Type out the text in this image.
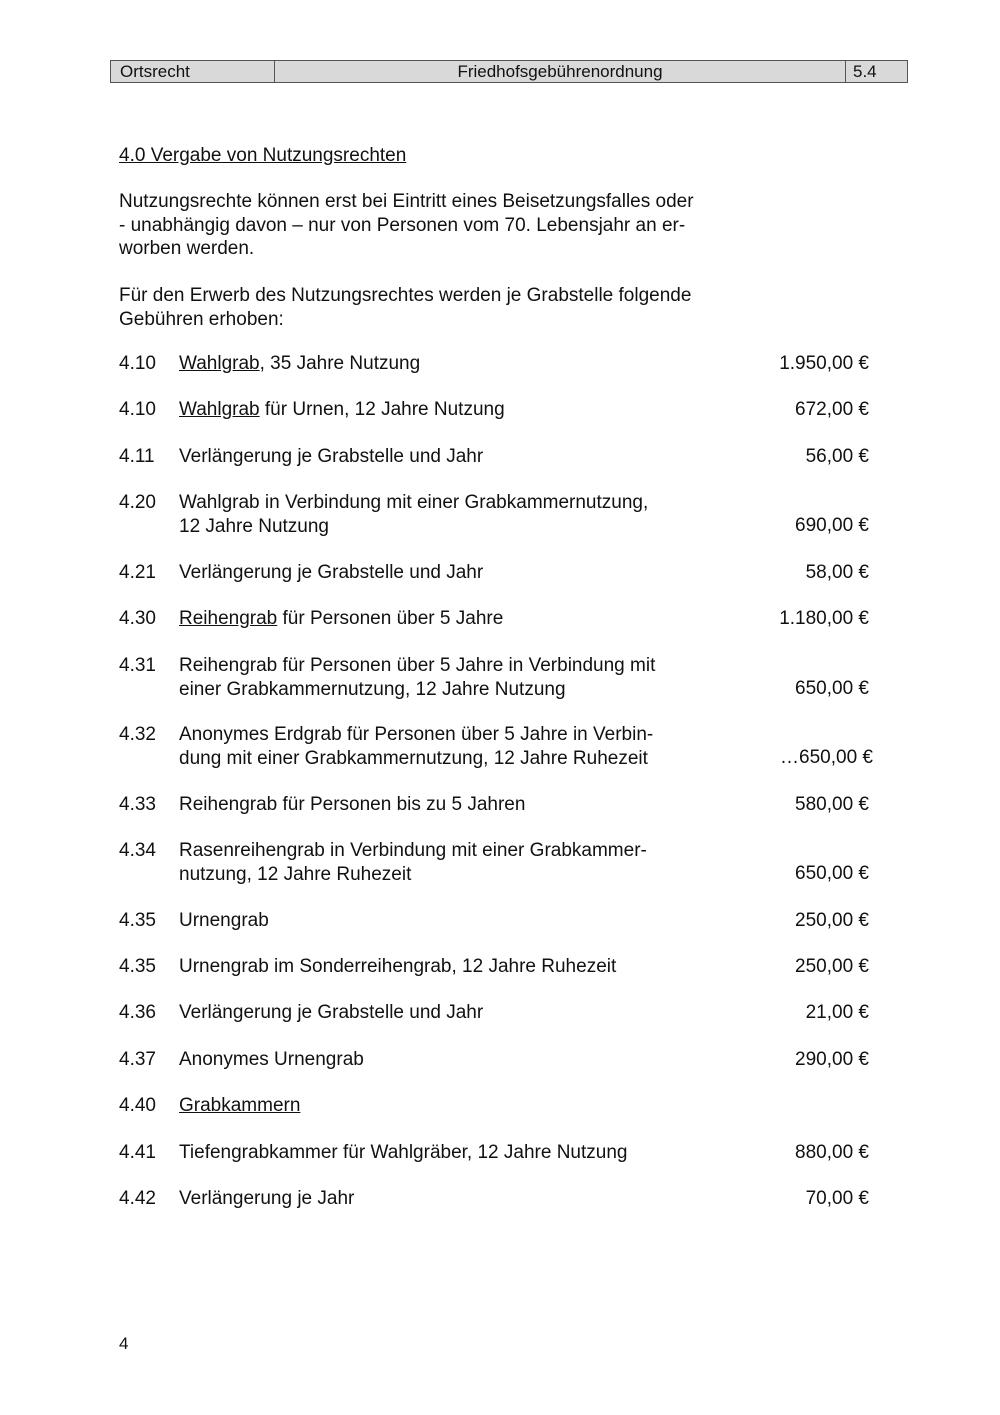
Ortsrecht	Friedhofsgebührenordnung	5.4
4.0 Vergabe von Nutzungsrechten
Nutzungsrechte können erst bei Eintritt eines Beisetzungsfalles oder
- unabhängig davon – nur von Personen vom 70. Lebensjahr an er-
worben werden.
Für den Erwerb des Nutzungsrechtes werden je Grabstelle folgende
Gebühren erhoben:
4.10 Wahlgrab, 35 Jahre Nutzung	1.950,00 €
4.10 Wahlgrab für Urnen, 12 Jahre Nutzung	672,00 €
4.11 Verlängerung je Grabstelle und Jahr	56,00 €
4.20 Wahlgrab in Verbindung mit einer Grabkammernutzung,
12 Jahre Nutzung	690,00 €
4.21 Verlängerung je Grabstelle und Jahr	58,00 €
4.30 Reihengrab für Personen über 5 Jahre	1.180,00 €
4.31 Reihengrab für Personen über 5 Jahre in Verbindung mit
einer Grabkammernutzung, 12 Jahre Nutzung	650,00 €
4.32 Anonymes Erdgrab für Personen über 5 Jahre in Verbin-
dung mit einer Grabkammernutzung, 12 Jahre Ruhezeit	…650,00 €
4.33 Reihengrab für Personen bis zu 5 Jahren	580,00 €
4.34 Rasenreihengrab in Verbindung mit einer Grabkammer-
nutzung, 12 Jahre Ruhezeit	650,00 €
4.35 Urnengrab	250,00 €
4.35 Urnengrab im Sonderreihengrab, 12 Jahre Ruhezeit	250,00 €
4.36 Verlängerung je Grabstelle und Jahr	21,00 €
4.37 Anonymes Urnengrab	290,00 €
4.40 Grabkammern
4.41 Tiefengrabkammer für Wahlgräber, 12 Jahre Nutzung	880,00 €
4.42 Verlängerung je Jahr	70,00 €
4
